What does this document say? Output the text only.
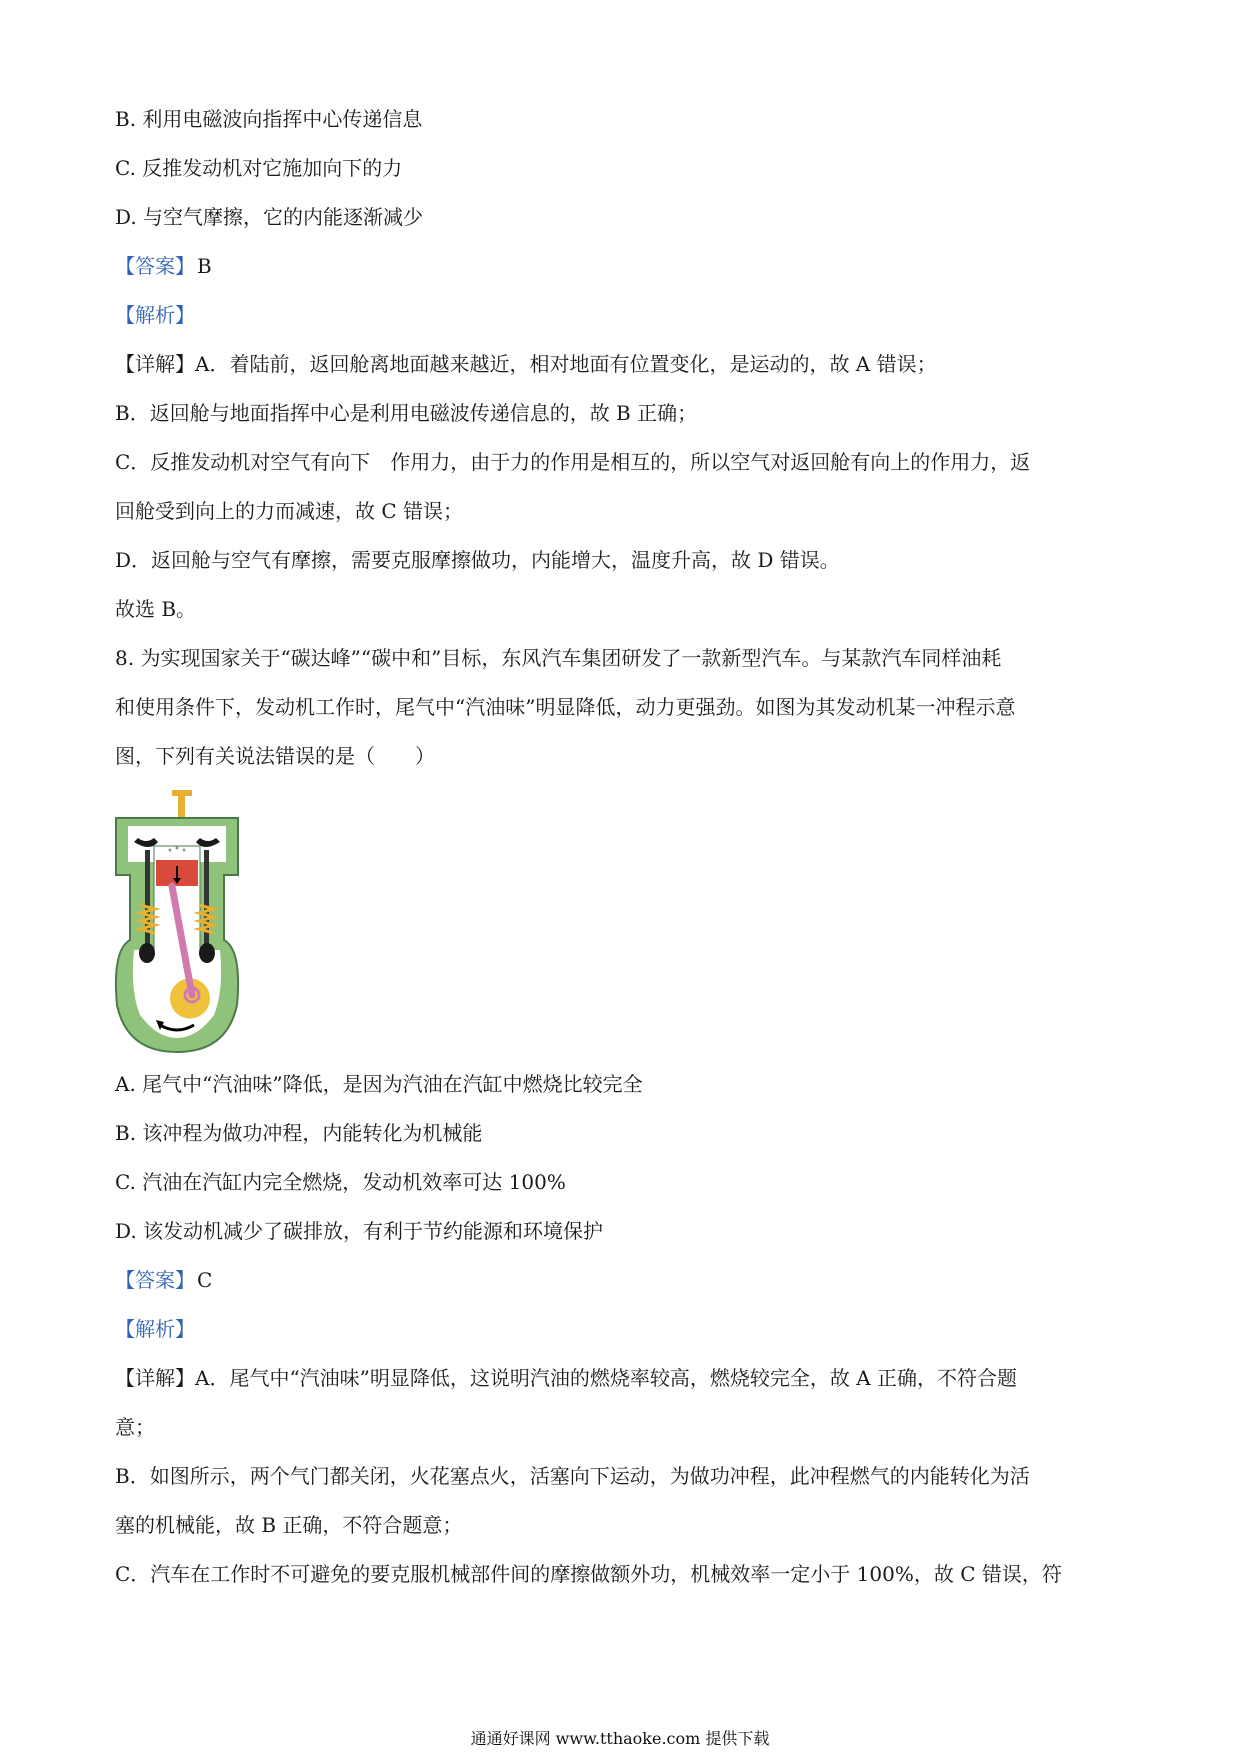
B. 利用电磁波向指挥中心传递信息
C. 反推发动机对它施加向下的力
D. 与空气摩擦，它的内能逐渐减少
【答案】 B
【解析】
【详解】A．着陆前，返回舱离地面越来越近，相对地面有位置变化，是运动的，故 A 错误；
B．返回舱与地面指挥中心是利用电磁波传递信息的，故 B 正确；
C．反推发动机对空气有向下　作用力，由于力的作用是相互的，所以空气对返回舱有向上的作用力，返
回舱受到向上的力而减速，故 C 错误；
D．返回舱与空气有摩擦，需要克服摩擦做功，内能增大，温度升高，故 D 错误。
故选 B。
8. 为实现国家关于“碳达峰”“碳中和”目标，东风汽车集团研发了一款新型汽车。与某款汽车同样油耗
和使用条件下，发动机工作时，尾气中“汽油味”明显降低，动力更强劲。如图为其发动机某一冲程示意
图，下列有关说法错误的是（　　）
A. 尾气中“汽油味”降低，是因为汽油在汽缸中燃烧比较完全
B. 该冲程为做功冲程，内能转化为机械能
C. 汽油在汽缸内完全燃烧，发动机效率可达 100%
D. 该发动机减少了碳排放，有利于节约能源和环境保护
【答案】 C
【解析】
【详解】A．尾气中“汽油味”明显降低，这说明汽油的燃烧率较高，燃烧较完全，故 A 正确，不符合题
意；
B．如图所示，两个气门都关闭，火花塞点火，活塞向下运动，为做功冲程，此冲程燃气的内能转化为活
塞的机械能，故 B 正确，不符合题意；
C．汽车在工作时不可避免的要克服机械部件间的摩擦做额外功，机械效率一定小于 100%，故 C 错误，符
通通好课网 www.tthaoke.com 提供下载
